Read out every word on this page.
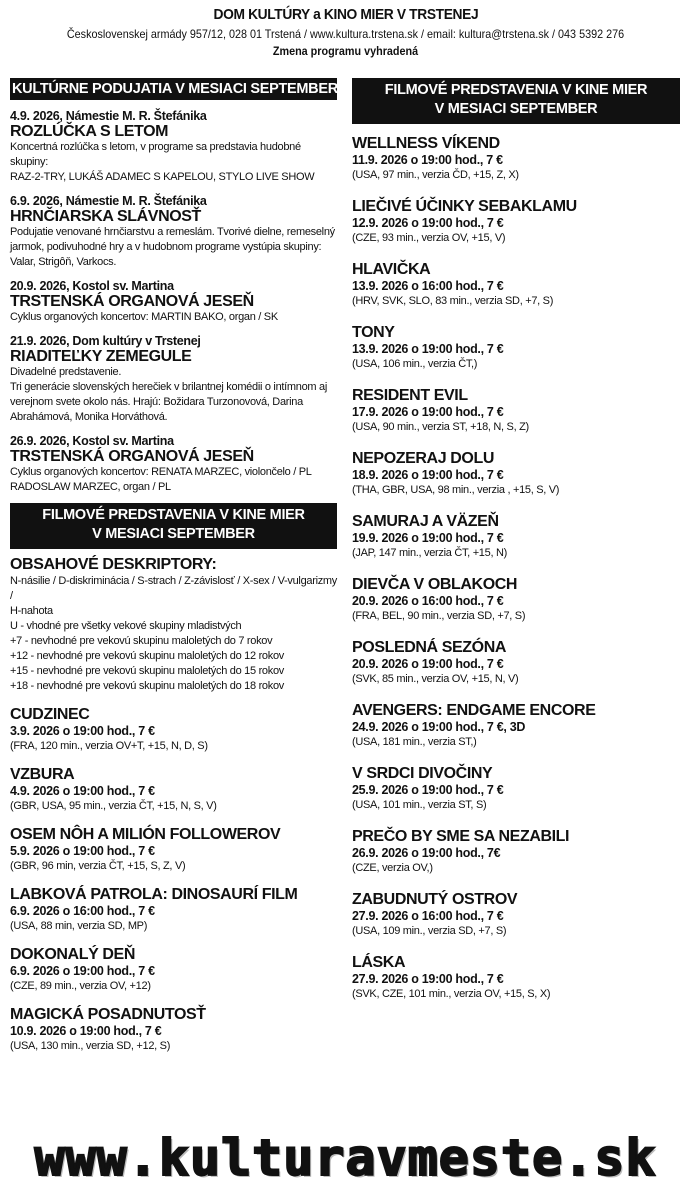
DOM KULTÚRY a KINO MIER V TRSTENEJ
Československej armády 957/12, 028 01 Trstená / www.kultura.trstena.sk / email: kultura@trstena.sk / 043 5392 276
Zmena programu vyhradená
KULTÚRNE PODUJATIA V MESIACI SEPTEMBER
4.9. 2026, Námestie M. R. Štefánika
ROZLÚČKA S LETOM
Koncertná rozlúčka s letom, v programe sa predstavia hudobné skupiny:
RAZ-2-TRY, LUKÁŠ ADAMEC S KAPELOU, STYLO LIVE SHOW
6.9. 2026, Námestie M. R. Štefánika
HRNČIARSKA SLÁVNOSŤ
Podujatie venované hrnčiarstvu a remeslám. Tvorivé dielne, remeselný
jarmok, podivuhodné hry a v hudobnom programe vystúpia skupiny:
Valar, Strigôň, Varkocs.
20.9. 2026, Kostol sv. Martina
TRSTENSKÁ ORGANOVÁ JESEŇ
Cyklus organových koncertov: MARTIN BAKO, organ / SK
21.9. 2026, Dom kultúry v Trstenej
RIADITEĽKY ZEMEGULE
Divadelné predstavenie.
Tri generácie slovenských herečiek v brilantnej komédii o intímnom aj
verejnom svete okolo nás. Hrajú: Božidara Turzonovová, Darina
Abrahámová, Monika Horváthová.
26.9. 2026, Kostol sv. Martina
TRSTENSKÁ ORGANOVÁ JESEŇ
Cyklus organových koncertov: RENATA MARZEC, violončelo / PL
RADOSLAW MARZEC, organ / PL
FILMOVÉ PREDSTAVENIA V KINE MIER
V MESIACI SEPTEMBER
OBSAHOVÉ DESKRIPTORY:
N-násilie / D-diskriminácia / S-strach / Z-závislosť / X-sex / V-vulgarizmy /
H-nahota
U - vhodné pre všetky vekové skupiny mladistvých
+7 - nevhodné pre vekovú skupinu maloletých do 7 rokov
+12 - nevhodné pre vekovú skupinu maloletých do 12 rokov
+15 - nevhodné pre vekovú skupinu maloletých do 15 rokov
+18 - nevhodné pre vekovú skupinu maloletých do 18 rokov
CUDZINEC
3.9. 2026 o 19:00 hod., 7 €
(FRA, 120 min., verzia OV+T, +15, N, D, S)
VZBURA
4.9. 2026 o 19:00 hod., 7 €
(GBR, USA, 95 min., verzia ČT, +15, N, S, V)
OSEM NÔH A MILIÓN FOLLOWEROV
5.9. 2026 o 19:00 hod., 7 €
(GBR, 96 min, verzia ČT, +15, S, Z, V)
LABKOVÁ PATROLA: DINOSAURÍ FILM
6.9. 2026 o 16:00 hod., 7 €
(USA, 88 min, verzia SD, MP)
DOKONALÝ DEŇ
6.9. 2026 o 19:00 hod., 7 €
(CZE, 89 min., verzia OV, +12)
MAGICKÁ POSADNUTOSŤ
10.9. 2026 o 19:00 hod., 7 €
(USA, 130 min., verzia SD, +12, S)
FILMOVÉ PREDSTAVENIA V KINE MIER
V MESIACI SEPTEMBER
WELLNESS VÍKEND
11.9. 2026 o 19:00 hod., 7 €
(USA, 97 min., verzia ČD, +15, Z, X)
LIEČIVÉ ÚČINKY SEBAKLAMU
12.9. 2026 o 19:00 hod., 7 €
(CZE, 93 min., verzia OV, +15, V)
HLAVIČKA
13.9. 2026 o 16:00 hod., 7 €
(HRV, SVK, SLO, 83 min., verzia SD, +7, S)
TONY
13.9. 2026 o 19:00 hod., 7 €
(USA, 106 min., verzia ČT,)
RESIDENT EVIL
17.9. 2026 o 19:00 hod., 7 €
(USA, 90 min., verzia ST, +18, N, S, Z)
NEPOZERAJ DOLU
18.9. 2026 o 19:00 hod., 7 €
(THA, GBR, USA, 98 min., verzia , +15, S, V)
SAMURAJ A VÄZEŇ
19.9. 2026 o 19:00 hod., 7 €
(JAP, 147 min., verzia ČT, +15, N)
DIEVČA V OBLAKOCH
20.9. 2026 o 16:00 hod., 7 €
(FRA, BEL, 90 min., verzia SD, +7, S)
POSLEDNÁ SEZÓNA
20.9. 2026 o 19:00 hod., 7 €
(SVK, 85 min., verzia OV, +15, N, V)
AVENGERS: ENDGAME ENCORE
24.9. 2026 o 19:00 hod., 7 €, 3D
(USA, 181 min., verzia ST,)
V SRDCI DIVOČINY
25.9. 2026 o 19:00 hod., 7 €
(USA, 101 min., verzia ST, S)
PREČO BY SME SA NEZABILI
26.9. 2026 o 19:00 hod., 7€
(CZE, verzia OV,)
ZABUDNUTÝ OSTROV
27.9. 2026 o 16:00 hod., 7 €
(USA, 109 min., verzia SD, +7, S)
LÁSKA
27.9. 2026 o 19:00 hod., 7 €
(SVK, CZE, 101 min., verzia OV, +15, S, X)
www.kulturavmeste.sk
